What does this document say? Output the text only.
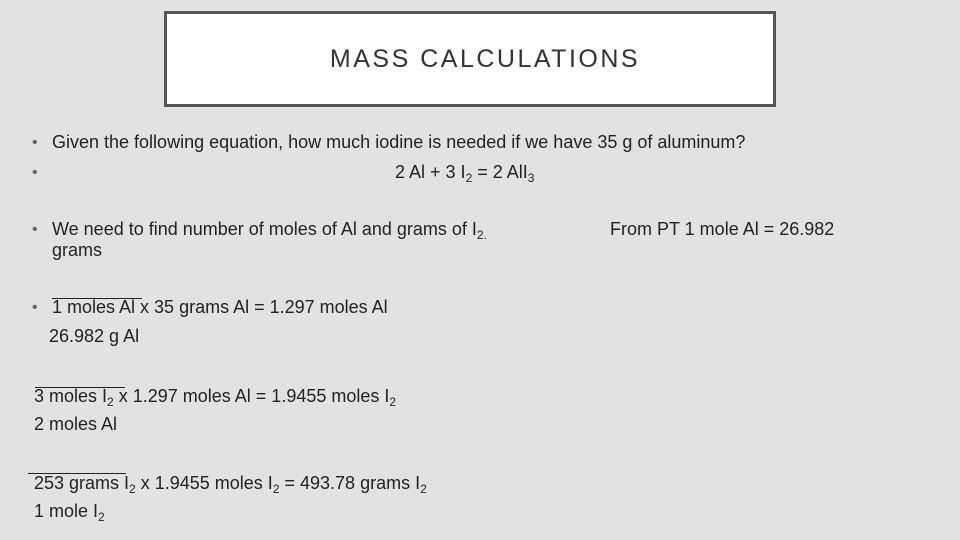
MASS CALCULATIONS
• Given the following equation, how much iodine is needed if we have 35 g of aluminum?
•	2 Al + 3 $I_2 = 2$ AlI$_3$
• We need to find number of moles of Al and grams of $I_{2.}$
grams
From PT 1 mole Al = 26.982
• 1 moles Al x 35 grams Al = 1.297 moles Al
26.982 g Al
3 moles $I_2$ x 1.297 moles Al = 1.9455 moles $I_2$
2 moles Al
253 grams $I_2$ x 1.9455 moles $I_2 = 493.78$ grams $I_2$
1 mole $I_2$
